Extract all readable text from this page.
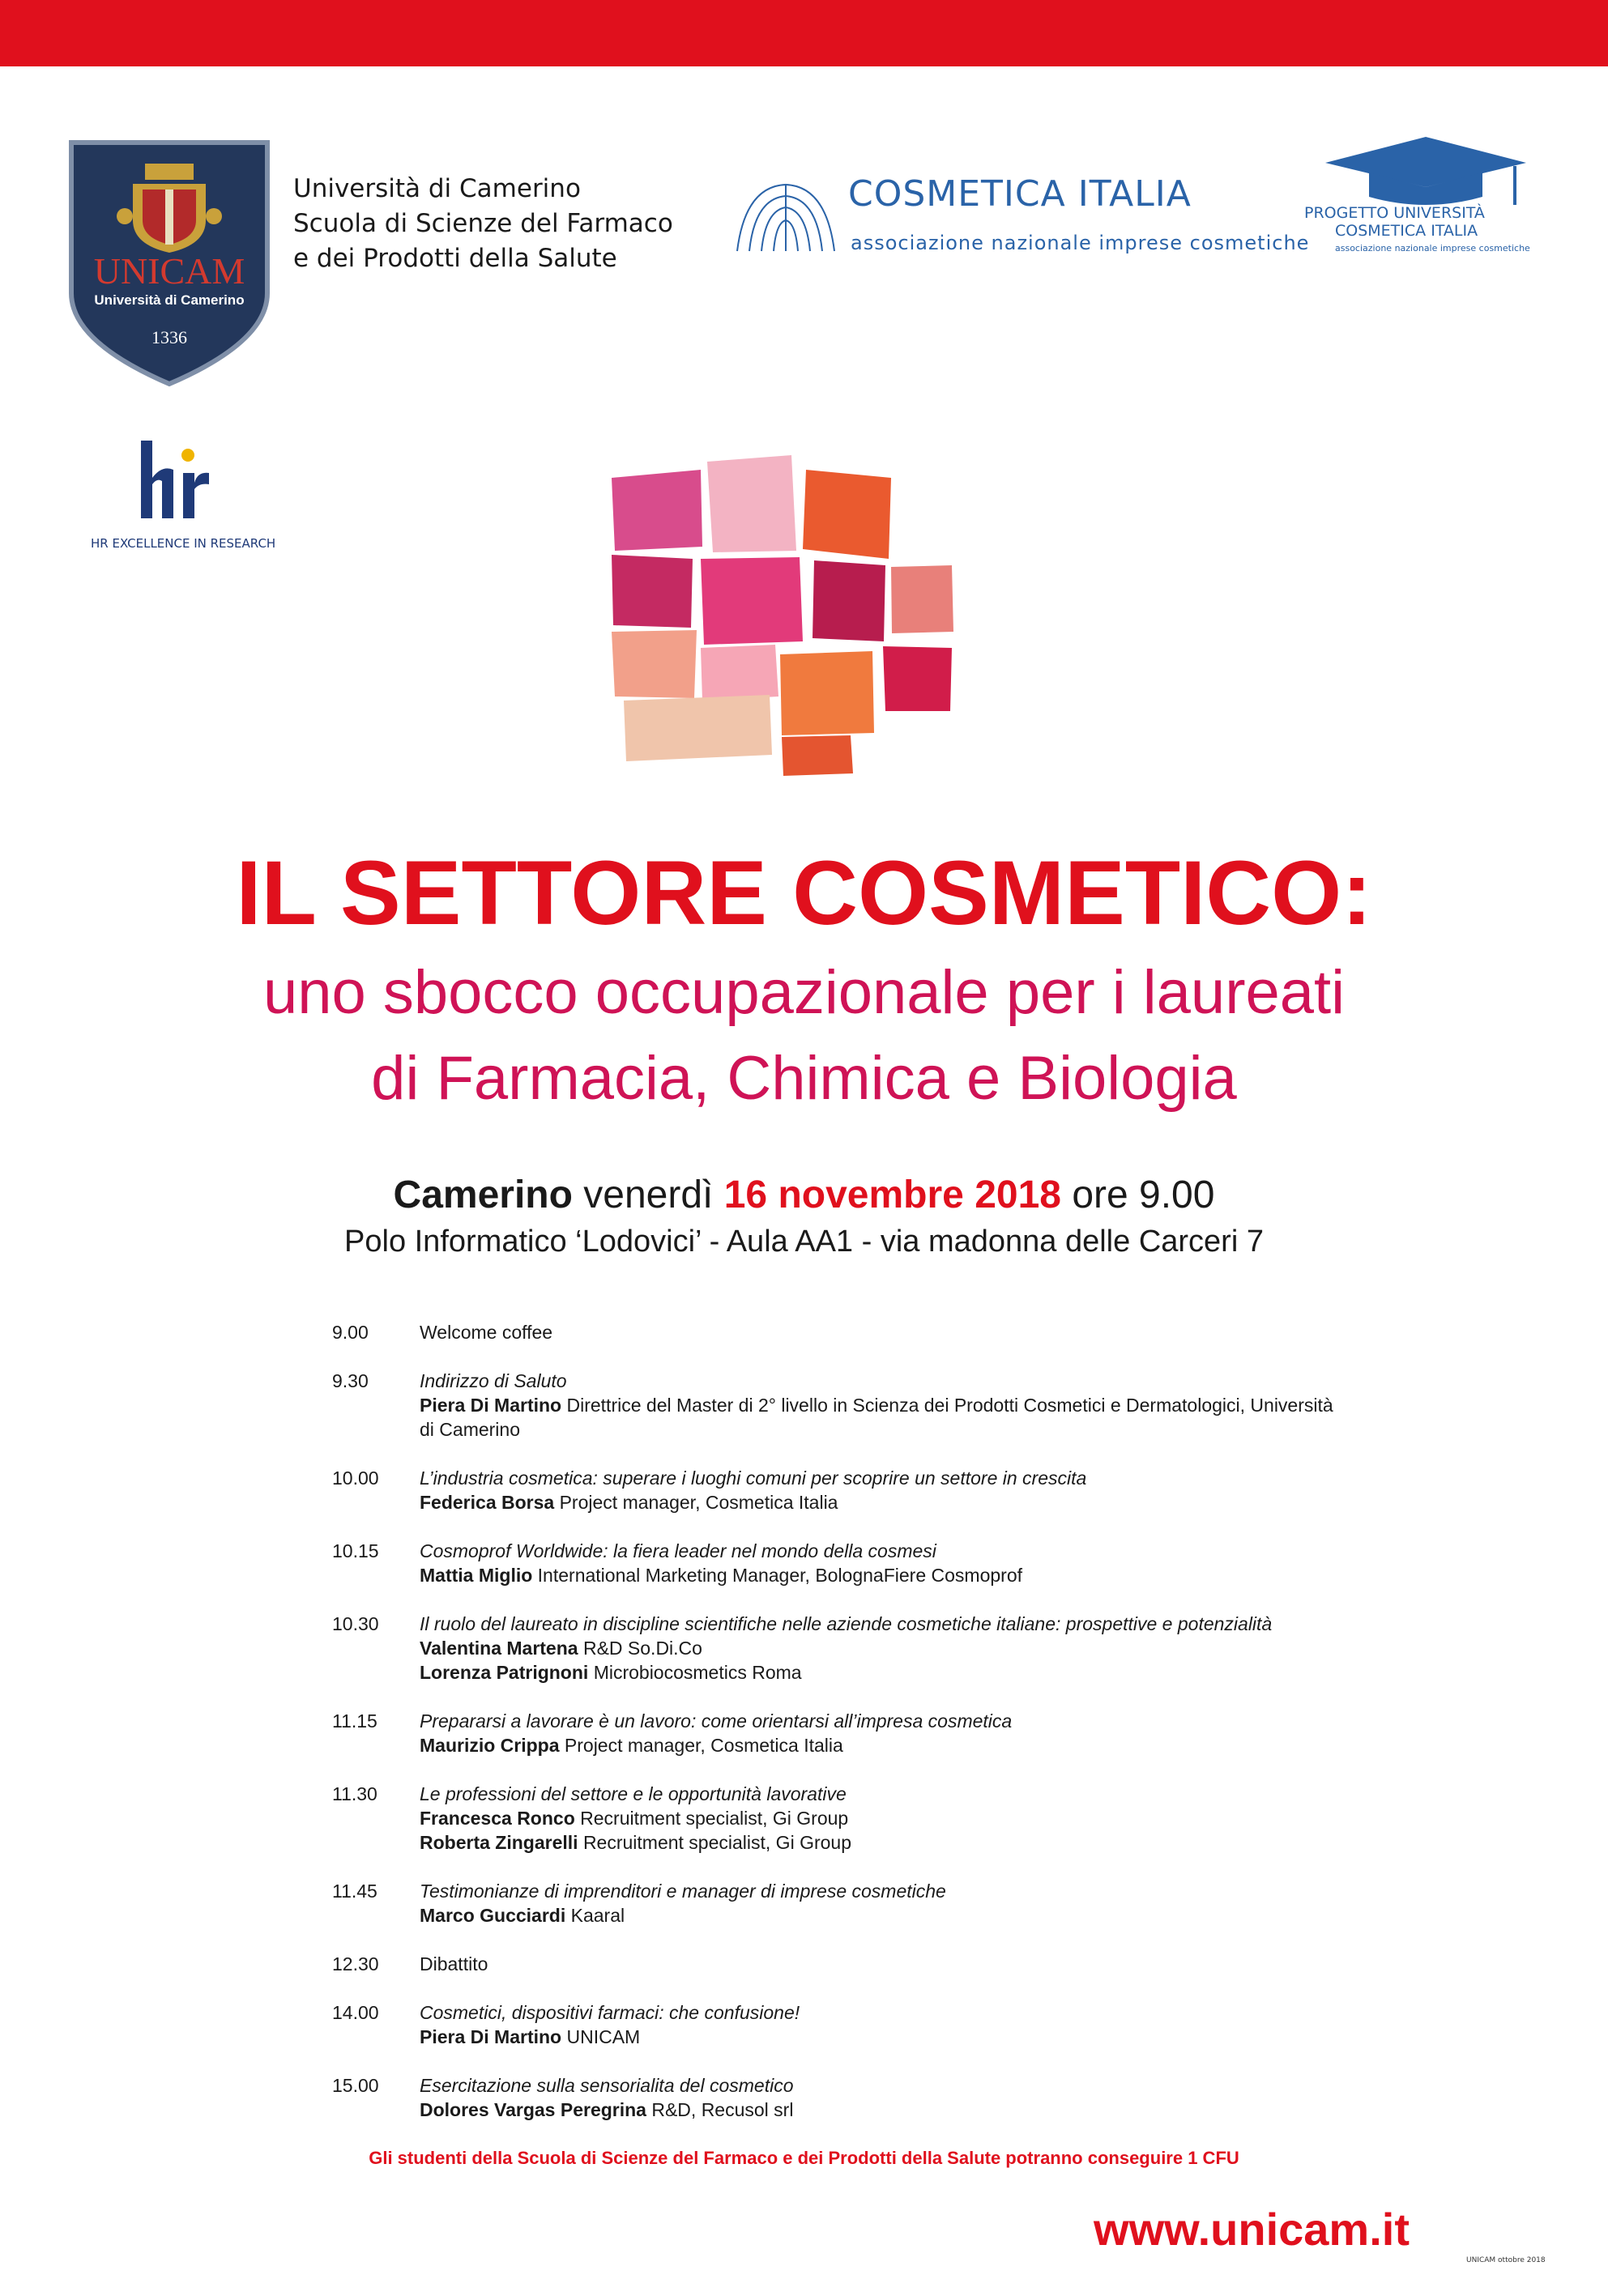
UNICAM
Università di Camerino
1336
Università di Camerino
Scuola di Scienze del Farmaco
e dei Prodotti della Salute
COSMETICA ITALIA
associazione nazionale imprese cosmetiche
PROGETTO UNIVERSITÀ
COSMETICA ITALIA
associazione nazionale imprese cosmetiche
HR EXCELLENCE IN RESEARCH
IL SETTORE COSMETICO:
uno sbocco occupazionale per i laureati
di Farmacia, Chimica e Biologia
Camerino venerdì 16 novembre 2018 ore 9.00
Polo Informatico ‘Lodovici’ - Aula AA1 - via madonna delle Carceri 7
9.00	Welcome coffee
9.30	Indirizzo di Saluto
Piera Di Martino Direttrice del Master di 2° livello in Scienza dei Prodotti Cosmetici e Dermatologici, Università di Camerino
10.00	L’industria cosmetica: superare i luoghi comuni per scoprire un settore in crescita
Federica Borsa Project manager, Cosmetica Italia
10.15	Cosmoprof Worldwide: la fiera leader nel mondo della cosmesi
Mattia Miglio International Marketing Manager, BolognaFiere Cosmoprof
10.30	Il ruolo del laureato in discipline scientifiche nelle aziende cosmetiche italiane: prospettive e potenzialità
Valentina Martena R&D So.Di.Co
Lorenza Patrignoni Microbiocosmetics Roma
11.15	Prepararsi a lavorare è un lavoro: come orientarsi all’impresa cosmetica
Maurizio Crippa Project manager, Cosmetica Italia
11.30	Le professioni del settore e le opportunità lavorative
Francesca Ronco Recruitment specialist, Gi Group
Roberta Zingarelli Recruitment specialist, Gi Group
11.45	Testimonianze di imprenditori e manager di imprese cosmetiche
Marco Gucciardi Kaaral
12.30	Dibattito
14.00	Cosmetici, dispositivi farmaci: che confusione!
Piera Di Martino UNICAM
15.00	Esercitazione sulla sensorialita del cosmetico
Dolores Vargas Peregrina R&D, Recusol srl
Gli studenti della Scuola di Scienze del Farmaco e dei Prodotti della Salute potranno conseguire 1 CFU
www.unicam.it
UNICAM ottobre 2018
